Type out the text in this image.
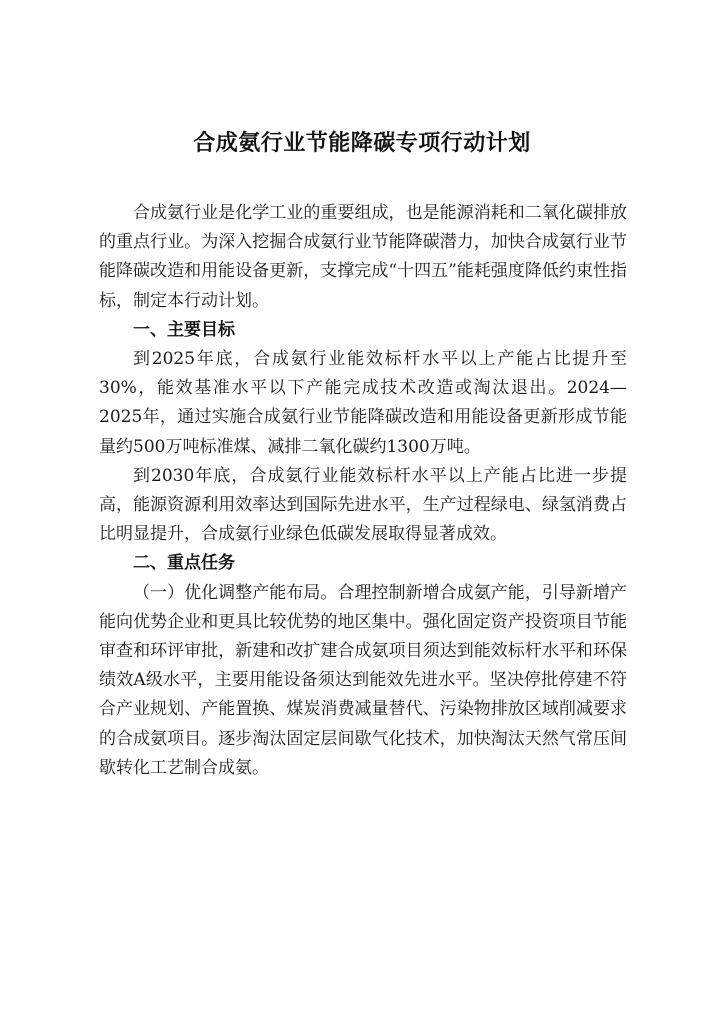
合成氨行业节能降碳专项行动计划

合成氨行业是化学工业的重要组成，也是能源消耗和二氧化碳排放的重点行业。为深入挖掘合成氨行业节能降碳潜力，加快合成氨行业节能降碳改造和用能设备更新，支撑完成“十四五”能耗强度降低约束性指标，制定本行动计划。

一、主要目标

到2025年底，合成氨行业能效标杆水平以上产能占比提升至30%，能效基准水平以下产能完成技术改造或淘汰退出。2024—2025年，通过实施合成氨行业节能降碳改造和用能设备更新形成节能量约500万吨标准煤、减排二氧化碳约1300万吨。

到2030年底，合成氨行业能效标杆水平以上产能占比进一步提高，能源资源利用效率达到国际先进水平，生产过程绿电、绿氢消费占比明显提升，合成氨行业绿色低碳发展取得显著成效。

二、重点任务

（一）优化调整产能布局。合理控制新增合成氨产能，引导新增产能向优势企业和更具比较优势的地区集中。强化固定资产投资项目节能审查和环评审批，新建和改扩建合成氨项目须达到能效标杆水平和环保绩效A级水平，主要用能设备须达到能效先进水平。坚决停批停建不符合产业规划、产能置换、煤炭消费减量替代、污染物排放区域削减要求的合成氨项目。逐步淘汰固定层间歇气化技术，加快淘汰天然气常压间歇转化工艺制合成氨。
